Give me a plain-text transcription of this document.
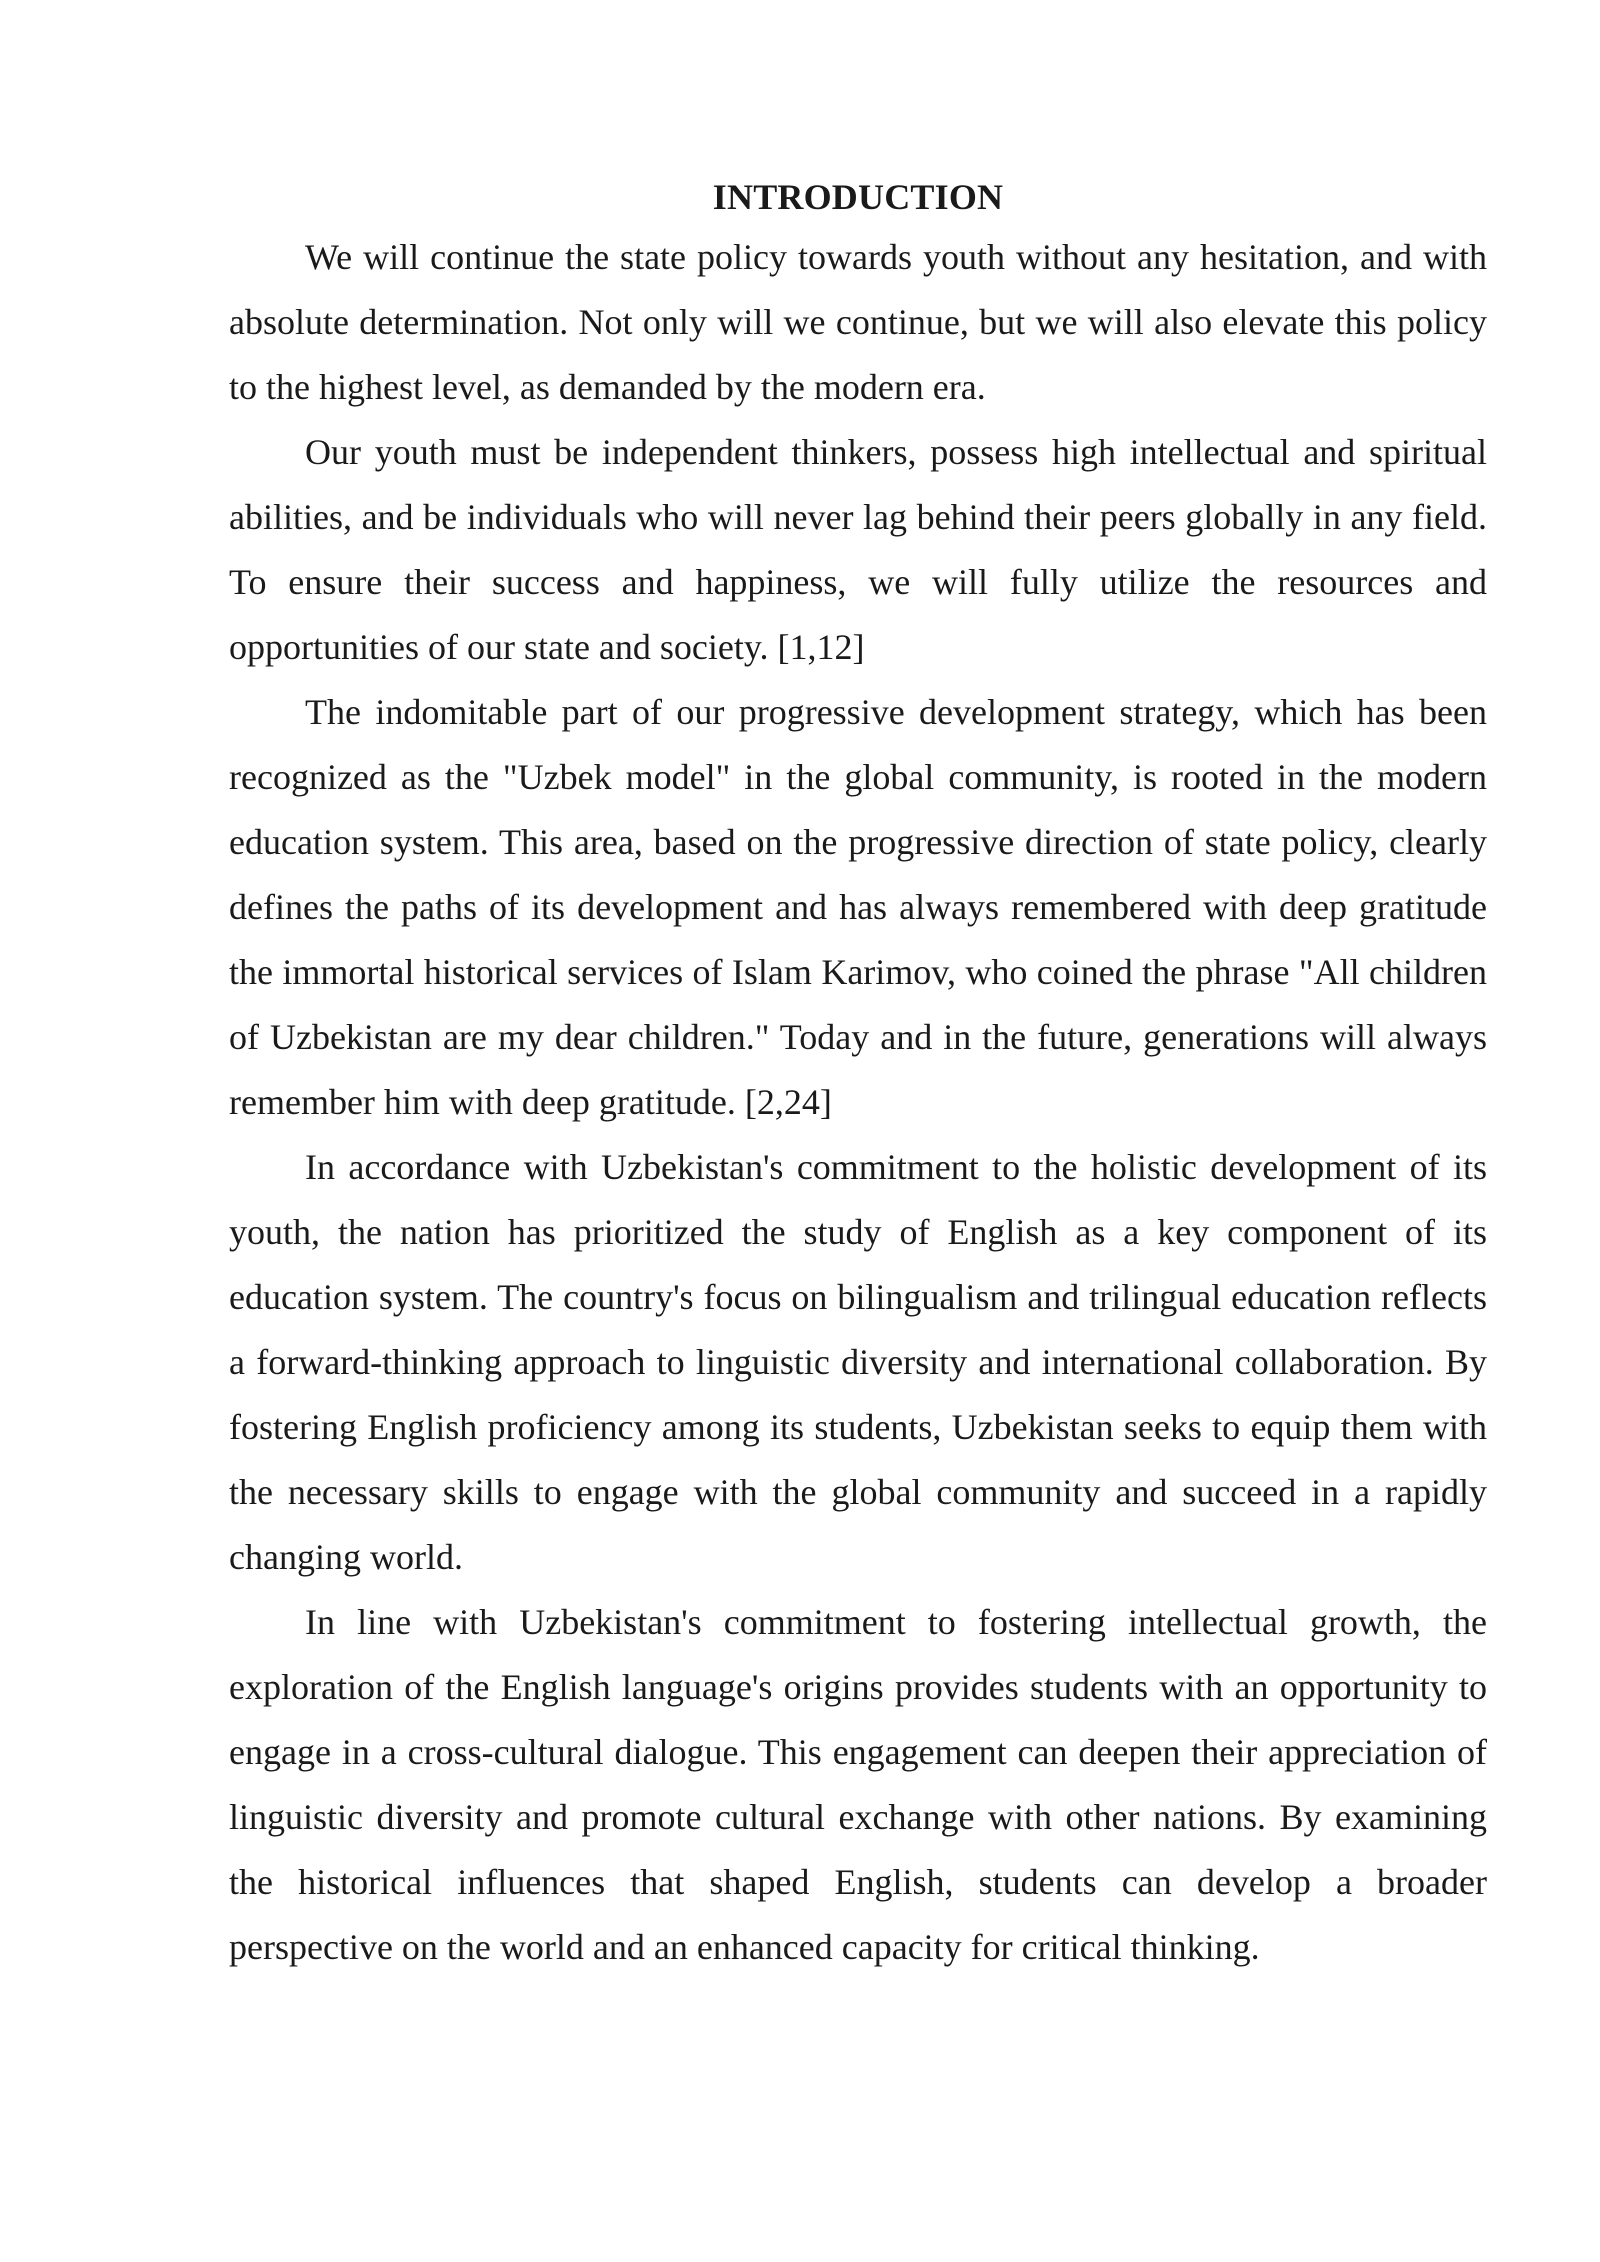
INTRODUCTION

We will continue the state policy towards youth without any hesitation, and with absolute determination. Not only will we continue, but we will also elevate this policy to the highest level, as demanded by the modern era.

Our youth must be independent thinkers, possess high intellectual and spiritual abilities, and be individuals who will never lag behind their peers globally in any field. To ensure their success and happiness, we will fully utilize the resources and opportunities of our state and society. [1,12]

The indomitable part of our progressive development strategy, which has been recognized as the "Uzbek model" in the global community, is rooted in the modern education system. This area, based on the progressive direction of state policy, clearly defines the paths of its development and has always remembered with deep gratitude the immortal historical services of Islam Karimov, who coined the phrase "All children of Uzbekistan are my dear children." Today and in the future, generations will always remember him with deep gratitude. [2,24]

In accordance with Uzbekistan's commitment to the holistic development of its youth, the nation has prioritized the study of English as a key component of its education system. The country's focus on bilingualism and trilingual education reflects a forward-thinking approach to linguistic diversity and international collaboration. By fostering English proficiency among its students, Uzbekistan seeks to equip them with the necessary skills to engage with the global community and succeed in a rapidly changing world.

In line with Uzbekistan's commitment to fostering intellectual growth, the exploration of the English language's origins provides students with an opportunity to engage in a cross-cultural dialogue. This engagement can deepen their appreciation of linguistic diversity and promote cultural exchange with other nations. By examining the historical influences that shaped English, students can develop a broader perspective on the world and an enhanced capacity for critical thinking.
